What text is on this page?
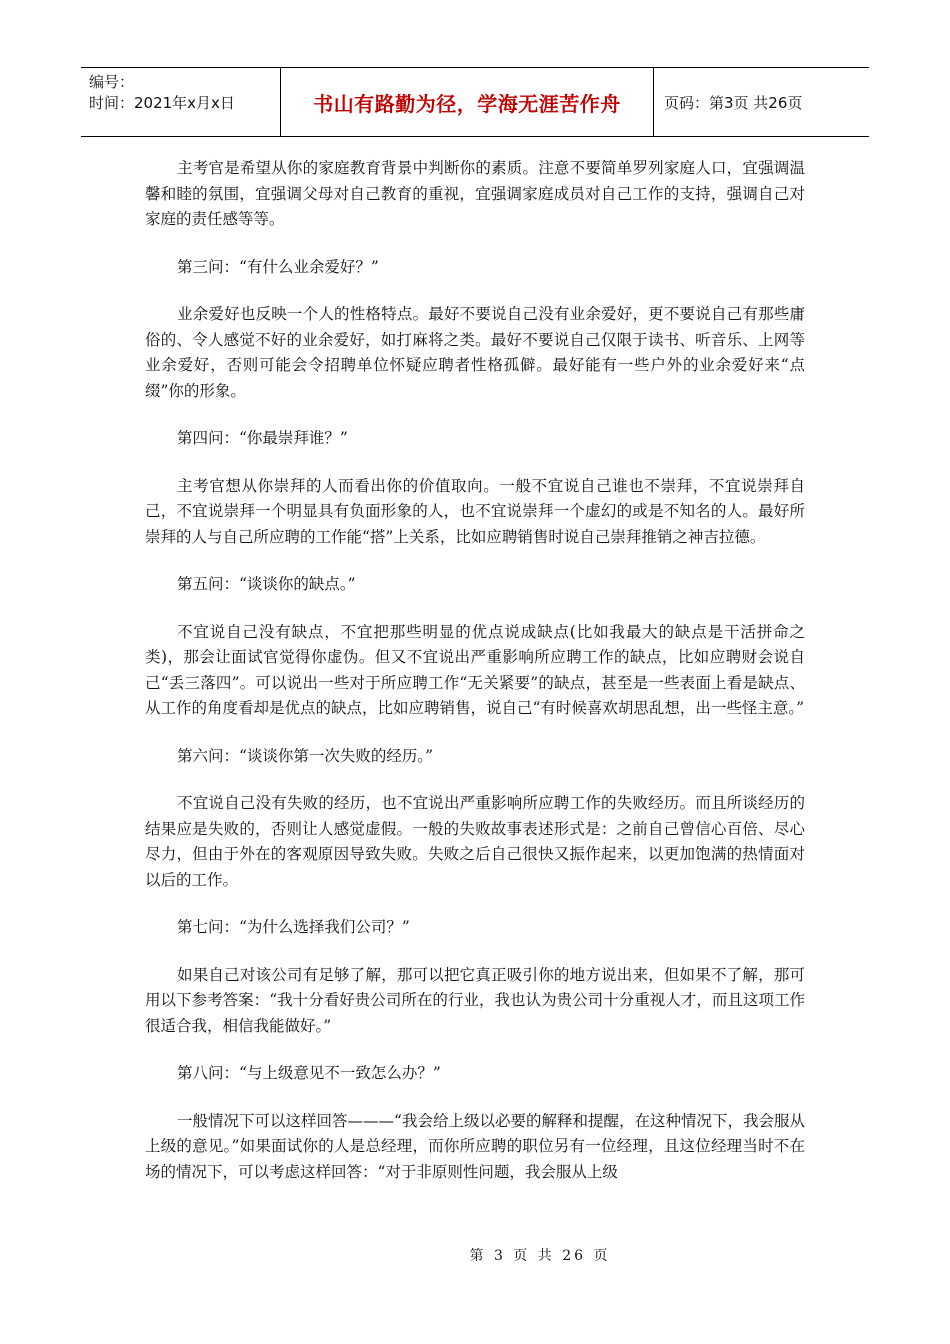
编号：
时间：2021年x月x日	书山有路勤为径，学海无涯苦作舟	页码：第3页 共26页

主考官是希望从你的家庭教育背景中判断你的素质。注意不要简单罗列家庭人口，宜强调温馨和睦的氛围，宜强调父母对自己教育的重视，宜强调家庭成员对自己工作的支持，强调自己对家庭的责任感等等。

第三问：“有什么业余爱好？”

业余爱好也反映一个人的性格特点。最好不要说自己没有业余爱好，更不要说自己有那些庸俗的、令人感觉不好的业余爱好，如打麻将之类。最好不要说自己仅限于读书、听音乐、上网等业余爱好，否则可能会令招聘单位怀疑应聘者性格孤僻。最好能有一些户外的业余爱好来“点缀”你的形象。

第四问：“你最崇拜谁？”

主考官想从你崇拜的人而看出你的价值取向。一般不宜说自己谁也不崇拜，不宜说崇拜自己，不宜说崇拜一个明显具有负面形象的人，也不宜说崇拜一个虚幻的或是不知名的人。最好所崇拜的人与自己所应聘的工作能“搭”上关系，比如应聘销售时说自己崇拜推销之神吉拉德。

第五问：“谈谈你的缺点。”

不宜说自己没有缺点，不宜把那些明显的优点说成缺点(比如我最大的缺点是干活拼命之类)，那会让面试官觉得你虚伪。但又不宜说出严重影响所应聘工作的缺点，比如应聘财会说自己“丢三落四”。可以说出一些对于所应聘工作“无关紧要”的缺点，甚至是一些表面上看是缺点、从工作的角度看却是优点的缺点，比如应聘销售，说自己“有时候喜欢胡思乱想，出一些怪主意。”

第六问：“谈谈你第一次失败的经历。”

不宜说自己没有失败的经历，也不宜说出严重影响所应聘工作的失败经历。而且所谈经历的结果应是失败的，否则让人感觉虚假。一般的失败故事表述形式是：之前自己曾信心百倍、尽心尽力，但由于外在的客观原因导致失败。失败之后自己很快又振作起来，以更加饱满的热情面对以后的工作。

第七问：“为什么选择我们公司？”

如果自己对该公司有足够了解，那可以把它真正吸引你的地方说出来，但如果不了解，那可用以下参考答案：“我十分看好贵公司所在的行业，我也认为贵公司十分重视人才，而且这项工作很适合我，相信我能做好。”

第八问：“与上级意见不一致怎么办？”

一般情况下可以这样回答———“我会给上级以必要的解释和提醒，在这种情况下，我会服从上级的意见。”如果面试你的人是总经理，而你所应聘的职位另有一位经理，且这位经理当时不在场的情况下，可以考虑这样回答：“对于非原则性问题，我会服从上级

第 3 页 共 26 页
